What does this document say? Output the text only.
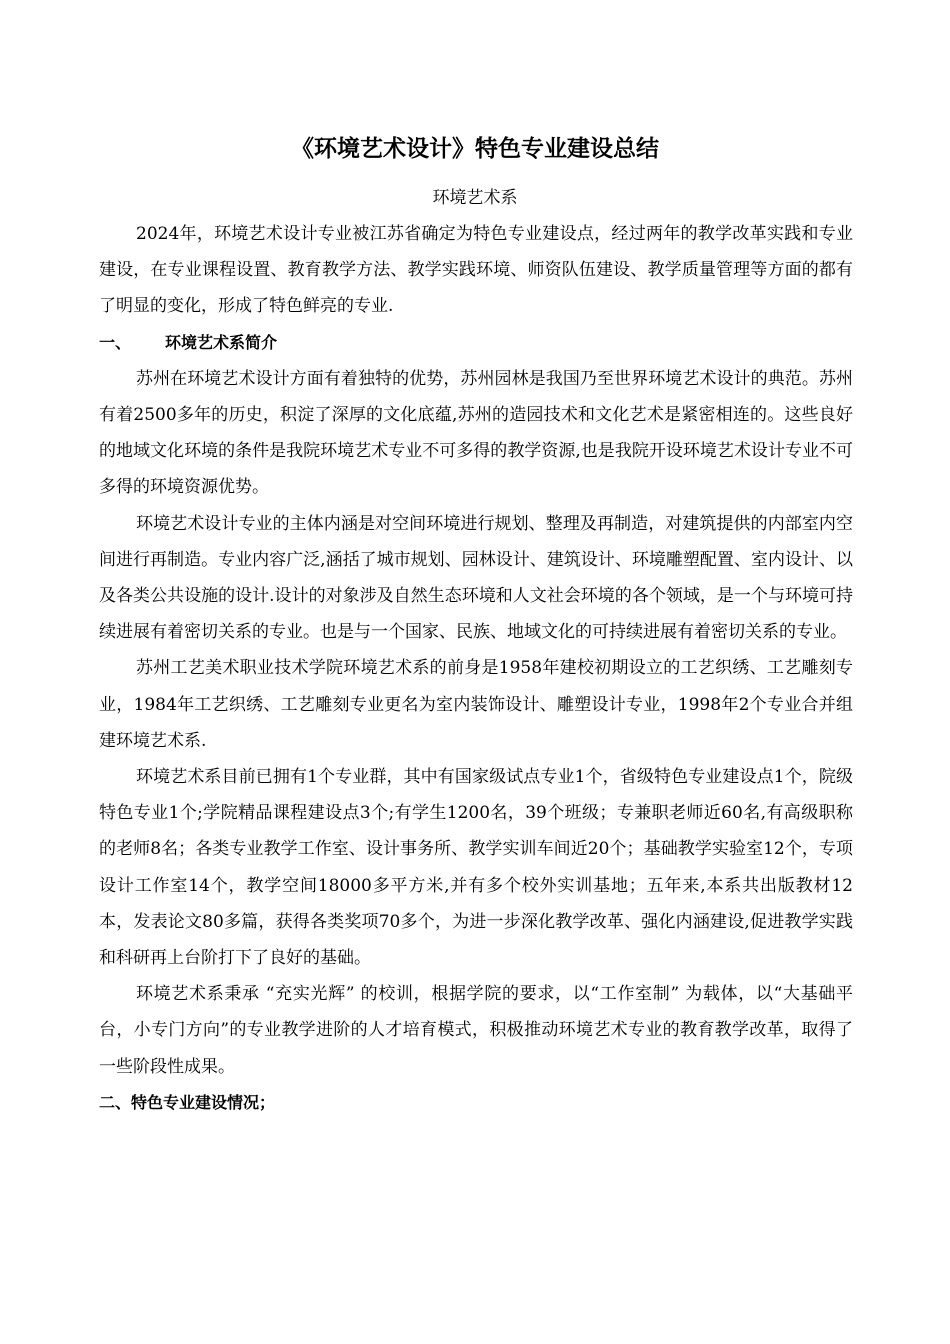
《环境艺术设计》特色专业建设总结
环境艺术系

2024年，环境艺术设计专业被江苏省确定为特色专业建设点，经过两年的教学改革实践和专业建设，在专业课程设置、教育教学方法、教学实践环境、师资队伍建设、教学质量管理等方面的都有了明显的变化，形成了特色鲜亮的专业.

一、 环境艺术系简介

苏州在环境艺术设计方面有着独特的优势，苏州园林是我国乃至世界环境艺术设计的典范。苏州有着2500多年的历史，积淀了深厚的文化底蕴,苏州的造园技术和文化艺术是紧密相连的。这些良好的地域文化环境的条件是我院环境艺术专业不可多得的教学资源,也是我院开设环境艺术设计专业不可多得的环境资源优势。

环境艺术设计专业的主体内涵是对空间环境进行规划、整理及再制造，对建筑提供的内部室内空间进行再制造。专业内容广泛,涵括了城市规划、园林设计、建筑设计、环境雕塑配置、室内设计、以及各类公共设施的设计.设计的对象涉及自然生态环境和人文社会环境的各个领域，是一个与环境可持续进展有着密切关系的专业。也是与一个国家、民族、地域文化的可持续进展有着密切关系的专业。

苏州工艺美术职业技术学院环境艺术系的前身是1958年建校初期设立的工艺织绣、工艺雕刻专业，1984年工艺织绣、工艺雕刻专业更名为室内装饰设计、雕塑设计专业，1998年2个专业合并组建环境艺术系.

环境艺术系目前已拥有1个专业群，其中有国家级试点专业1个，省级特色专业建设点1个，院级特色专业1个;学院精品课程建设点3个;有学生1200名，39个班级；专兼职老师近60名,有高级职称的老师8名；各类专业教学工作室、设计事务所、教学实训车间近20个；基础教学实验室12个，专项设计工作室14个，教学空间18000多平方米,并有多个校外实训基地；五年来,本系共出版教材12本，发表论文80多篇，获得各类奖项70多个，为进一步深化教学改革、强化内涵建设,促进教学实践和科研再上台阶打下了良好的基础。

环境艺术系秉承 “充实光辉” 的校训，根据学院的要求，以“工作室制” 为载体，以“大基础平台，小专门方向”的专业教学进阶的人才培育模式，积极推动环境艺术专业的教育教学改革，取得了一些阶段性成果。

二、特色专业建设情况；
